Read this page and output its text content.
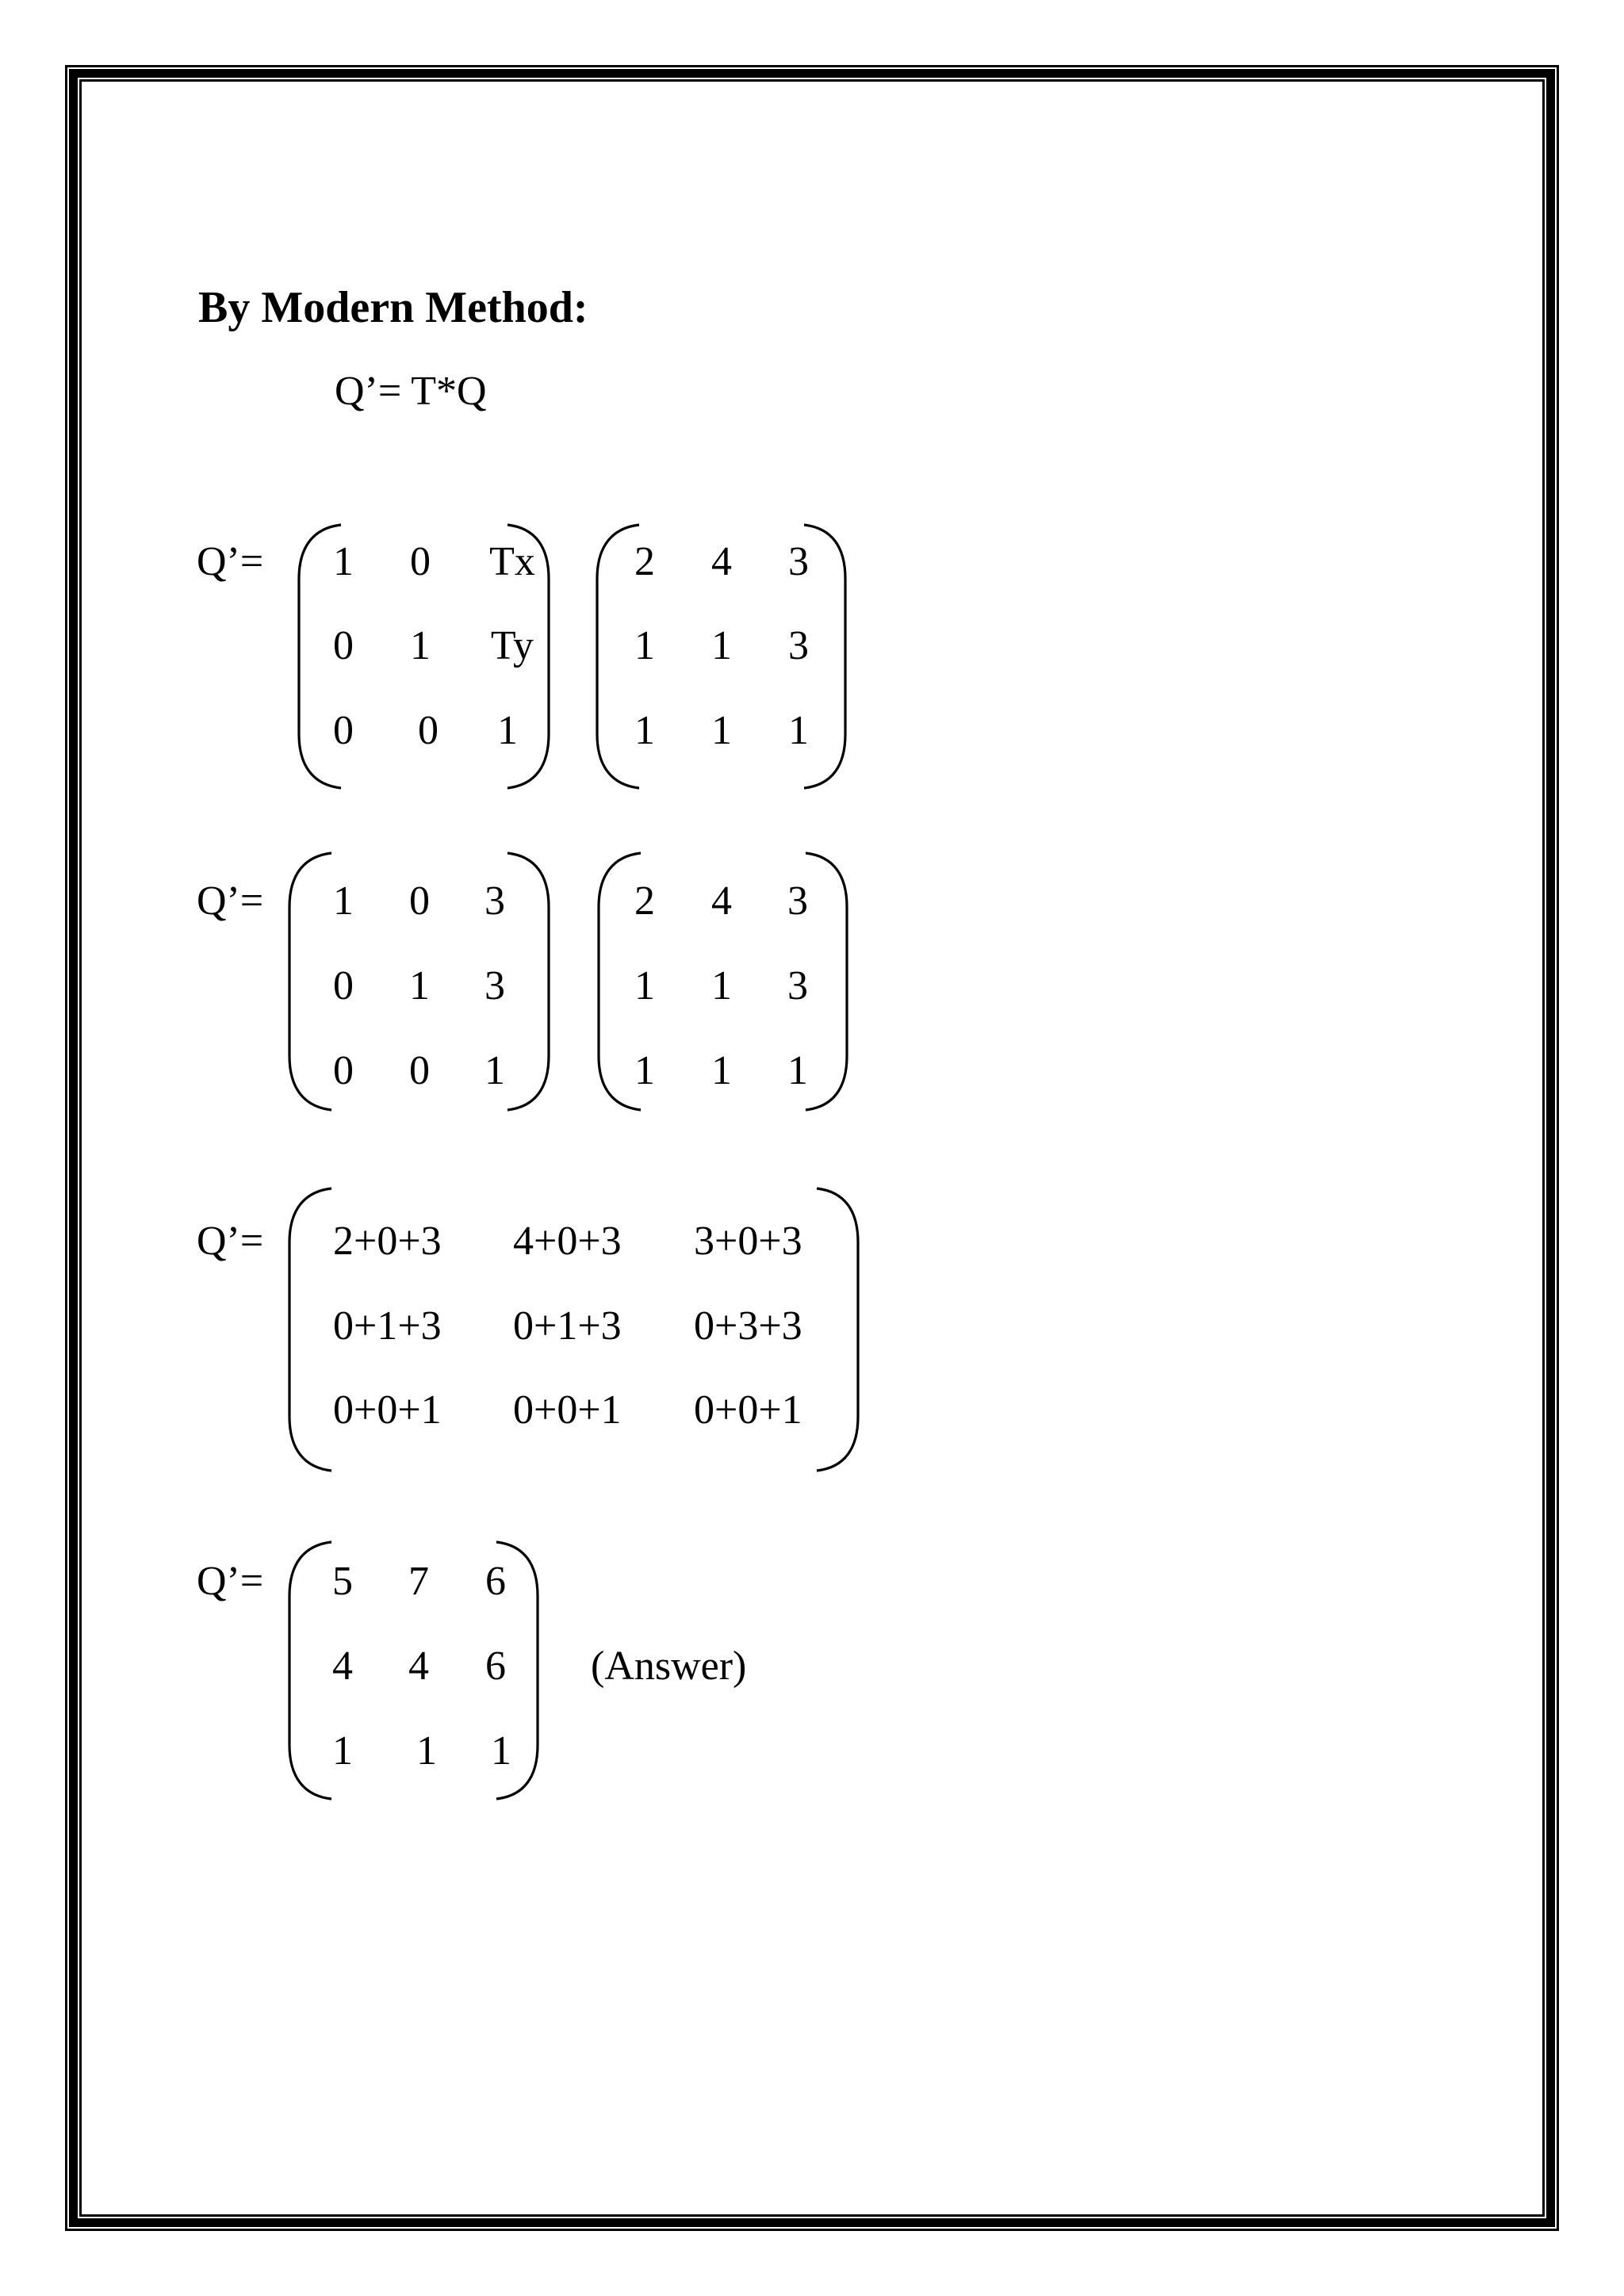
By Modern Method:
Q’= T*Q
Q’=	1	0	Tx
0	1	Ty
0	0	1
2	4	3
1	1	3
1	1	1
Q’=	1	0	3
0	1	3
0	0	1
2	4	3
1	1	3
1	1	1
Q’= 2+0+3 4+0+3 3+0+3
0+1+3 0+1+3 0+3+3
0+0+1 0+0+1 0+0+1
Q’=	5	7	6
4	4	6
1	1	1
(Answer)
